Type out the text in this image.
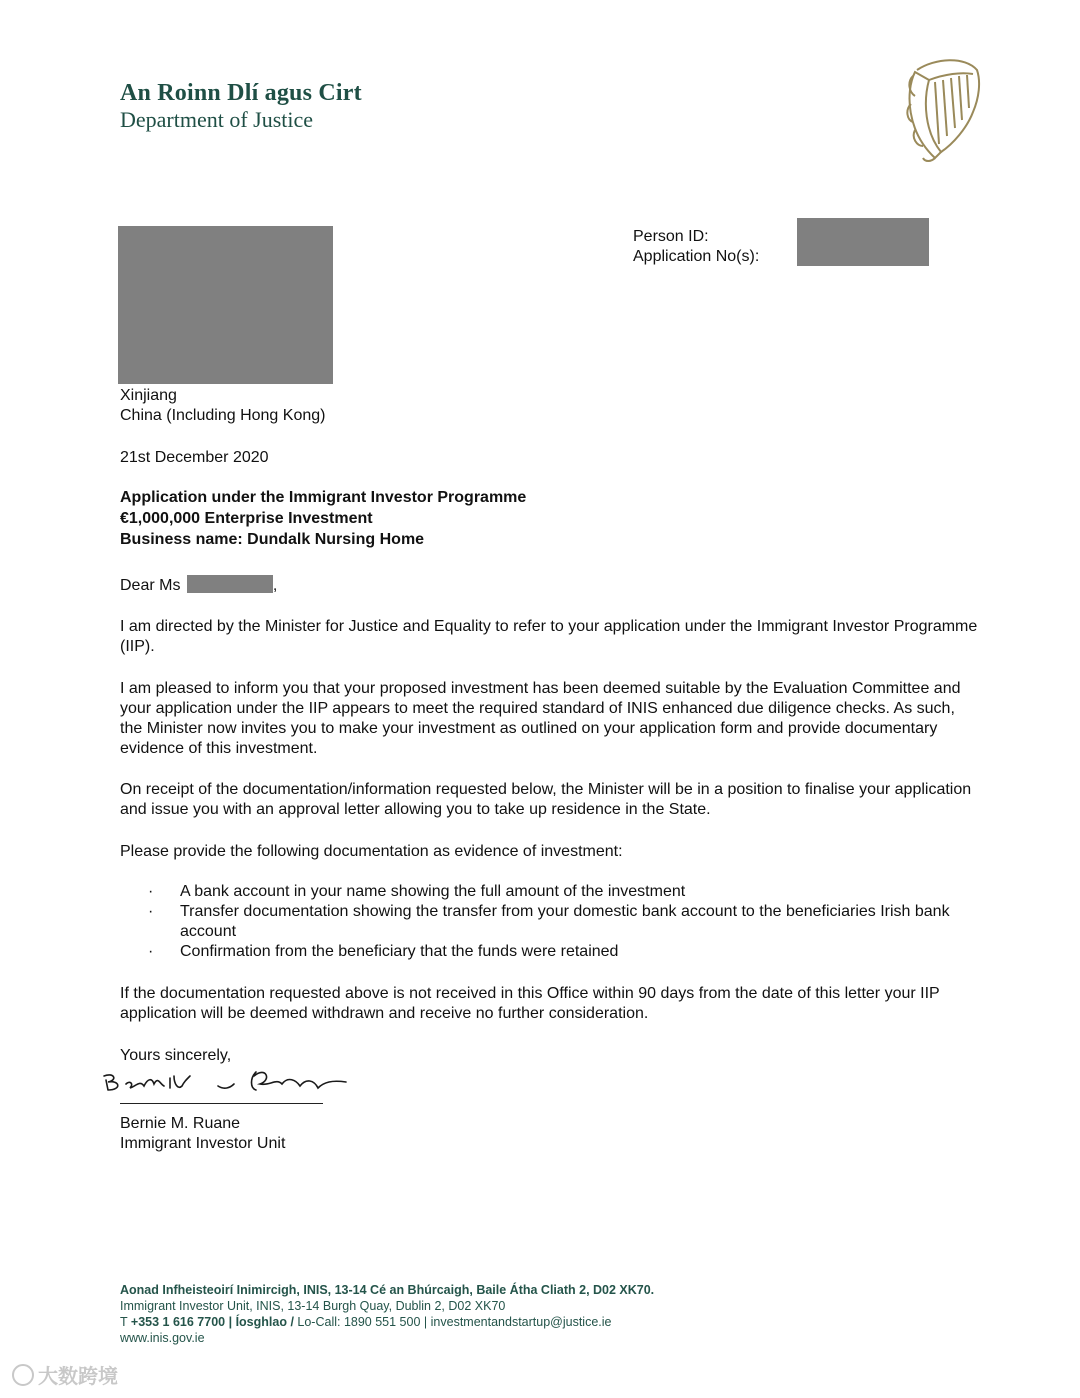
An Roinn Dlí agus Cirt
Department of Justice
Person ID:
Application No(s):
Xinjiang
China (Including Hong Kong)
21st December 2020
Application under the Immigrant Investor Programme
€1,000,000 Enterprise Investment
Business name: Dundalk Nursing Home
Dear Ms	,
I am directed by the Minister for Justice and Equality to refer to your application under the Immigrant Investor Programme (IIP).
I am pleased to inform you that your proposed investment has been deemed suitable by the Evaluation Committee and your application under the IIP appears to meet the required standard of INIS enhanced due diligence checks. As such, the Minister now invites you to make your investment as outlined on your application form and provide documentary evidence of this investment.
On receipt of the documentation/information requested below, the Minister will be in a position to finalise your application and issue you with an approval letter allowing you to take up residence in the State.
Please provide the following documentation as evidence of investment:
· A bank account in your name showing the full amount of the investment
· Transfer documentation showing the transfer from your domestic bank account to the beneficiaries Irish bank account
· Confirmation from the beneficiary that the funds were retained
If the documentation requested above is not received in this Office within 90 days from the date of this letter your IIP application will be deemed withdrawn and receive no further consideration.
Yours sincerely,
Bernie M. Ruane
Immigrant Investor Unit
Aonad Infheisteoirí Inimircigh, INIS, 13-14 Cé an Bhúrcaigh, Baile Átha Cliath 2, D02 XK70.
Immigrant Investor Unit, INIS, 13-14 Burgh Quay, Dublin 2, D02 XK70
T +353 1 616 7700 | Íosghlao / Lo-Call: 1890 551 500 | investmentandstartup@justice.ie
www.inis.gov.ie
大数跨境
